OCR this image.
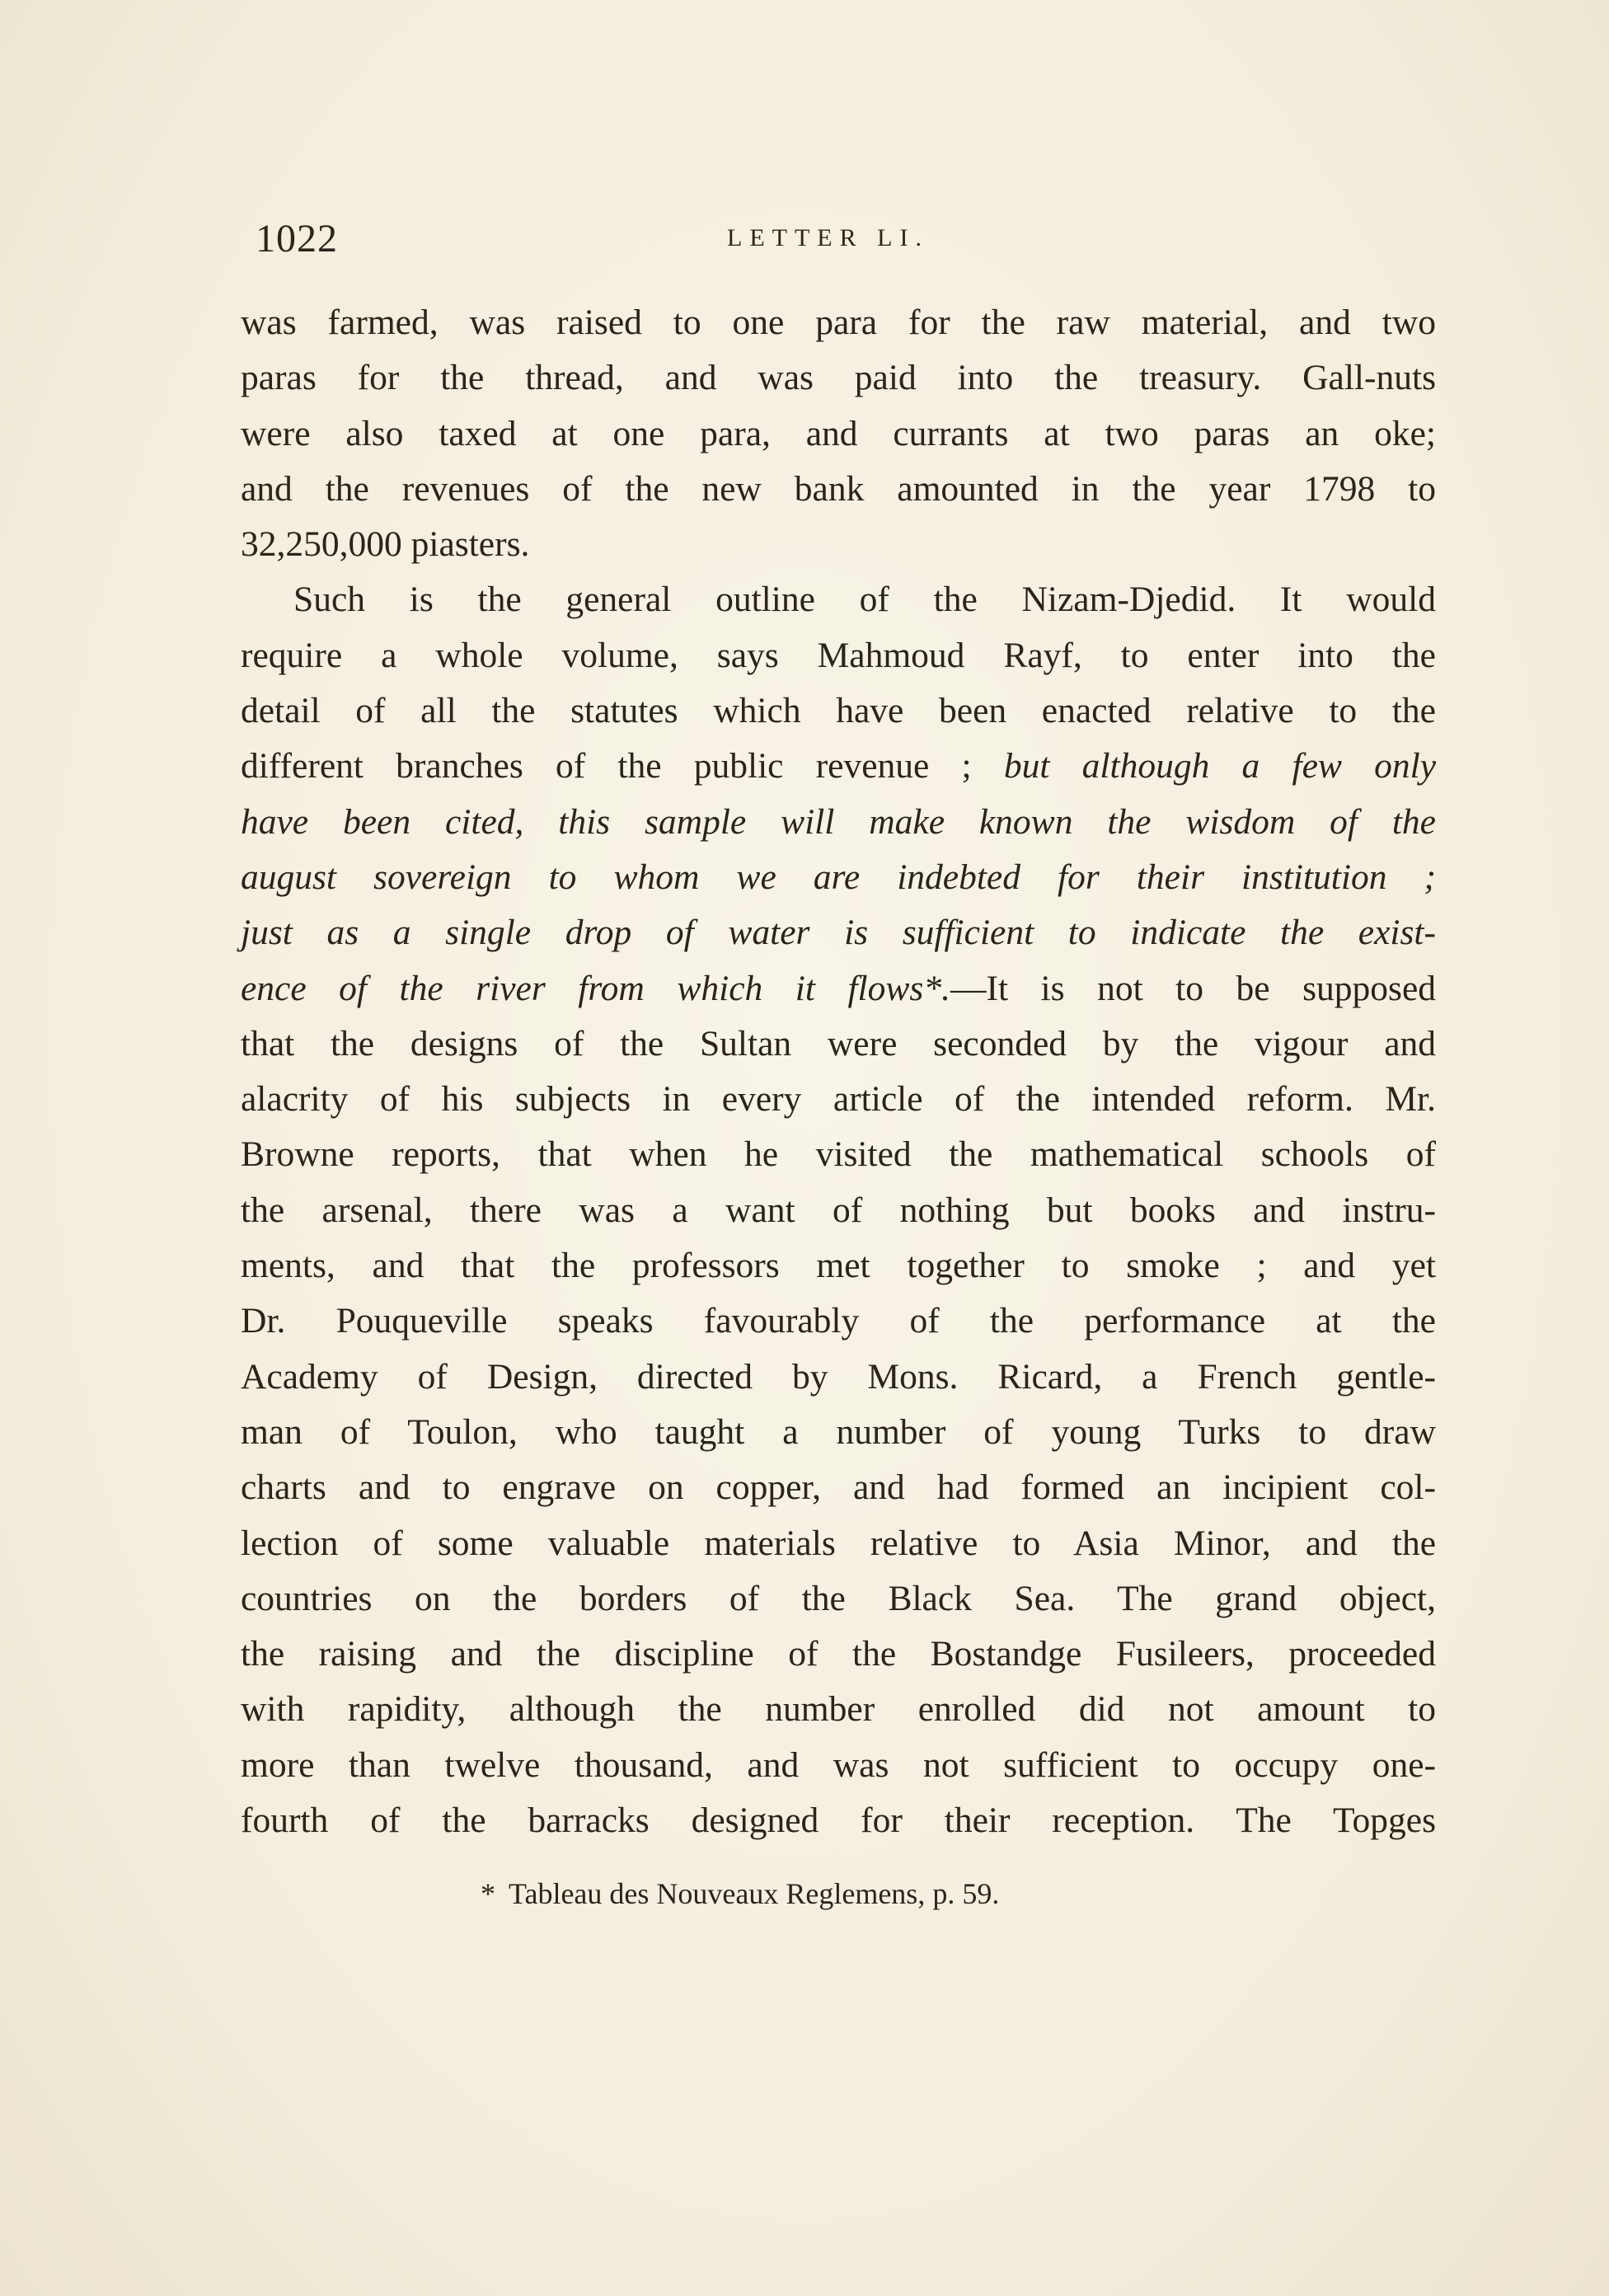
1022	LETTER LI.
was farmed, was raised to one para for the raw material, and two
paras for the thread, and was paid into the treasury. Gall-nuts
were also taxed at one para, and currants at two paras an oke;
and the revenues of the new bank amounted in the year 1798 to
32,250,000 piasters.
Such is the general outline of the Nizam-Djedid. It would
require a whole volume, says Mahmoud Rayf, to enter into the
detail of all the statutes which have been enacted relative to the
different branches of the public revenue ; but although a few only
have been cited, this sample will make known the wisdom of the
august sovereign to whom we are indebted for their institution ;
just as a single drop of water is sufficient to indicate the exist-
ence of the river from which it flows*.—It is not to be supposed
that the designs of the Sultan were seconded by the vigour and
alacrity of his subjects in every article of the intended reform. Mr.
Browne reports, that when he visited the mathematical schools of
the arsenal, there was a want of nothing but books and instru-
ments, and that the professors met together to smoke ; and yet
Dr. Pouqueville speaks favourably of the performance at the
Academy of Design, directed by Mons. Ricard, a French gentle-
man of Toulon, who taught a number of young Turks to draw
charts and to engrave on copper, and had formed an incipient col-
lection of some valuable materials relative to Asia Minor, and the
countries on the borders of the Black Sea. The grand object,
the raising and the discipline of the Bostandge Fusileers, proceeded
with rapidity, although the number enrolled did not amount to
more than twelve thousand, and was not sufficient to occupy one-
fourth of the barracks designed for their reception. The Topges
* Tableau des Nouveaux Reglemens, p. 59.
